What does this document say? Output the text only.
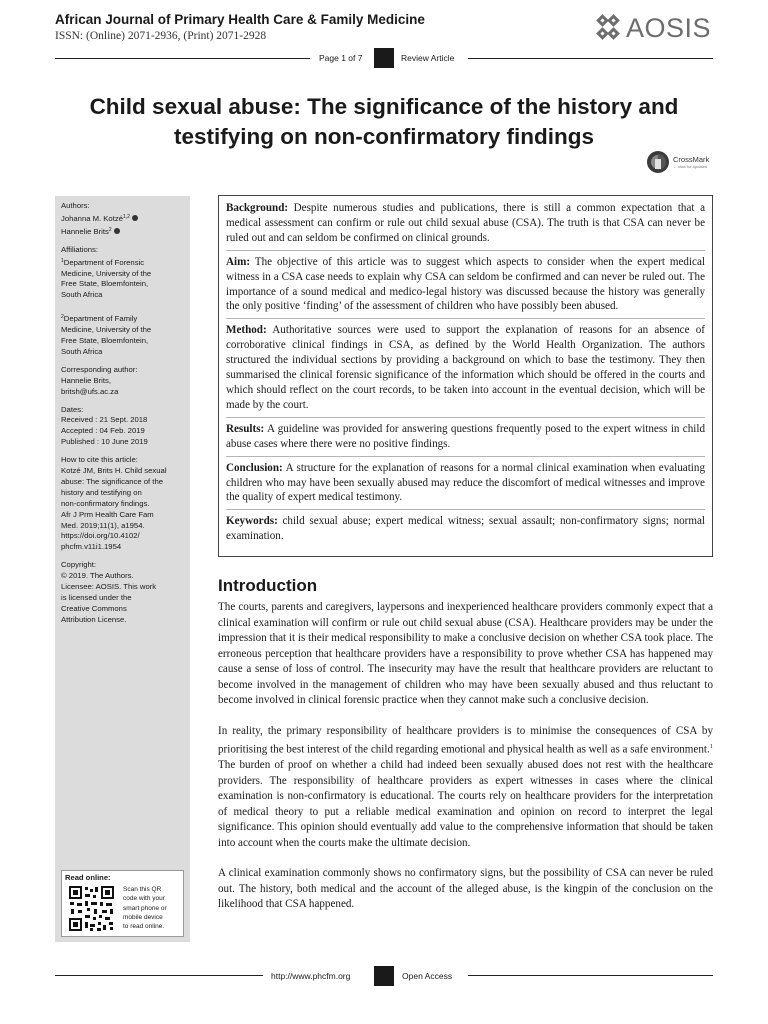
African Journal of Primary Health Care & Family Medicine
ISSN: (Online) 2071-2936, (Print) 2071-2928	AOSIS
Page 1 of 7	Review Article
Child sexual abuse: The significance of the history and
testifying on non-confirmatory findings
CrossMark
← click for updates
Authors:
Johanna M. Kotzé$^{1,2}$
Hannelie Brits$^2$
Affiliations:
$^1$Department of Forensic
Medicine, University of the
Free State, Bloemfontein,
South Africa

$^2$Department of Family
Medicine, University of the
Free State, Bloemfontein,
South Africa
Corresponding author:
Hannelie Brits,
britsh@ufs.ac.za
Dates:
Received : 21 Sept. 2018
Accepted : 04 Feb. 2019
Published : 10 June 2019
How to cite this article:
Kotzé JM, Brits H. Child sexual
abuse: The significance of the
history and testifying on
non-confirmatory findings.
Afr J Prm Health Care Fam
Med. 2019;11(1), a1954.
https://doi.org/10.4102/
phcfm.v11i1.1954
Copyright:
© 2019. The Authors.
Licensee: AOSIS. This work
is licensed under the
Creative Commons
Attribution License.
Read online:
Scan this QR
code with your
smart phone or
mobile device
to read online.
Background: Despite numerous studies and publications, there is still a common expectation that a medical assessment can confirm or rule out child sexual abuse (CSA). The truth is that CSA can never be ruled out and can seldom be confirmed on clinical grounds.
Aim: The objective of this article was to suggest which aspects to consider when the expert medical witness in a CSA case needs to explain why CSA can seldom be confirmed and can never be ruled out. The importance of a sound medical and medico-legal history was discussed because the history was generally the only positive ‘finding’ of the assessment of children who have possibly been abused.
Method: Authoritative sources were used to support the explanation of reasons for an absence of corroborative clinical findings in CSA, as defined by the World Health Organization. The authors structured the individual sections by providing a background on which to base the testimony. They then summarised the clinical forensic significance of the information which should be offered in the courts and which should reflect on the court records, to be taken into account in the eventual decision, which will be made by the court.
Results: A guideline was provided for answering questions frequently posed to the expert witness in child abuse cases where there were no positive findings.
Conclusion: A structure for the explanation of reasons for a normal clinical examination when evaluating children who may have been sexually abused may reduce the discomfort of medical witnesses and improve the quality of expert medical testimony.
Keywords: child sexual abuse; expert medical witness; sexual assault; non-confirmatory signs; normal examination.
Introduction

The courts, parents and caregivers, laypersons and inexperienced healthcare providers commonly expect that a clinical examination will confirm or rule out child sexual abuse (CSA). Healthcare providers may be under the impression that it is their medical responsibility to make a conclusive decision on whether CSA took place. The erroneous perception that healthcare providers have a responsibility to prove whether CSA has happened may cause a sense of loss of control. The insecurity may have the result that healthcare providers are reluctant to become involved in the management of children who may have been sexually abused and thus reluctant to become involved in clinical forensic practice when they cannot make such a conclusive decision.

In reality, the primary responsibility of healthcare providers is to minimise the consequences of CSA by prioritising the best interest of the child regarding emotional and physical health as well as a safe environment.$^1$ The burden of proof on whether a child had indeed been sexually abused does not rest with the healthcare providers. The responsibility of healthcare providers as expert witnesses in cases where the clinical examination is non-confirmatory is educational. The courts rely on healthcare providers for the interpretation of medical theory to put a reliable medical examination and opinion on record to interpret the legal significance. This opinion should eventually add value to the comprehensive information that should be taken into account when the courts make the ultimate decision.

A clinical examination commonly shows no confirmatory signs, but the possibility of CSA can never be ruled out. The history, both medical and the account of the alleged abuse, is the kingpin of the conclusion on the likelihood that CSA happened.

http://www.phcfm.org	Open Access
